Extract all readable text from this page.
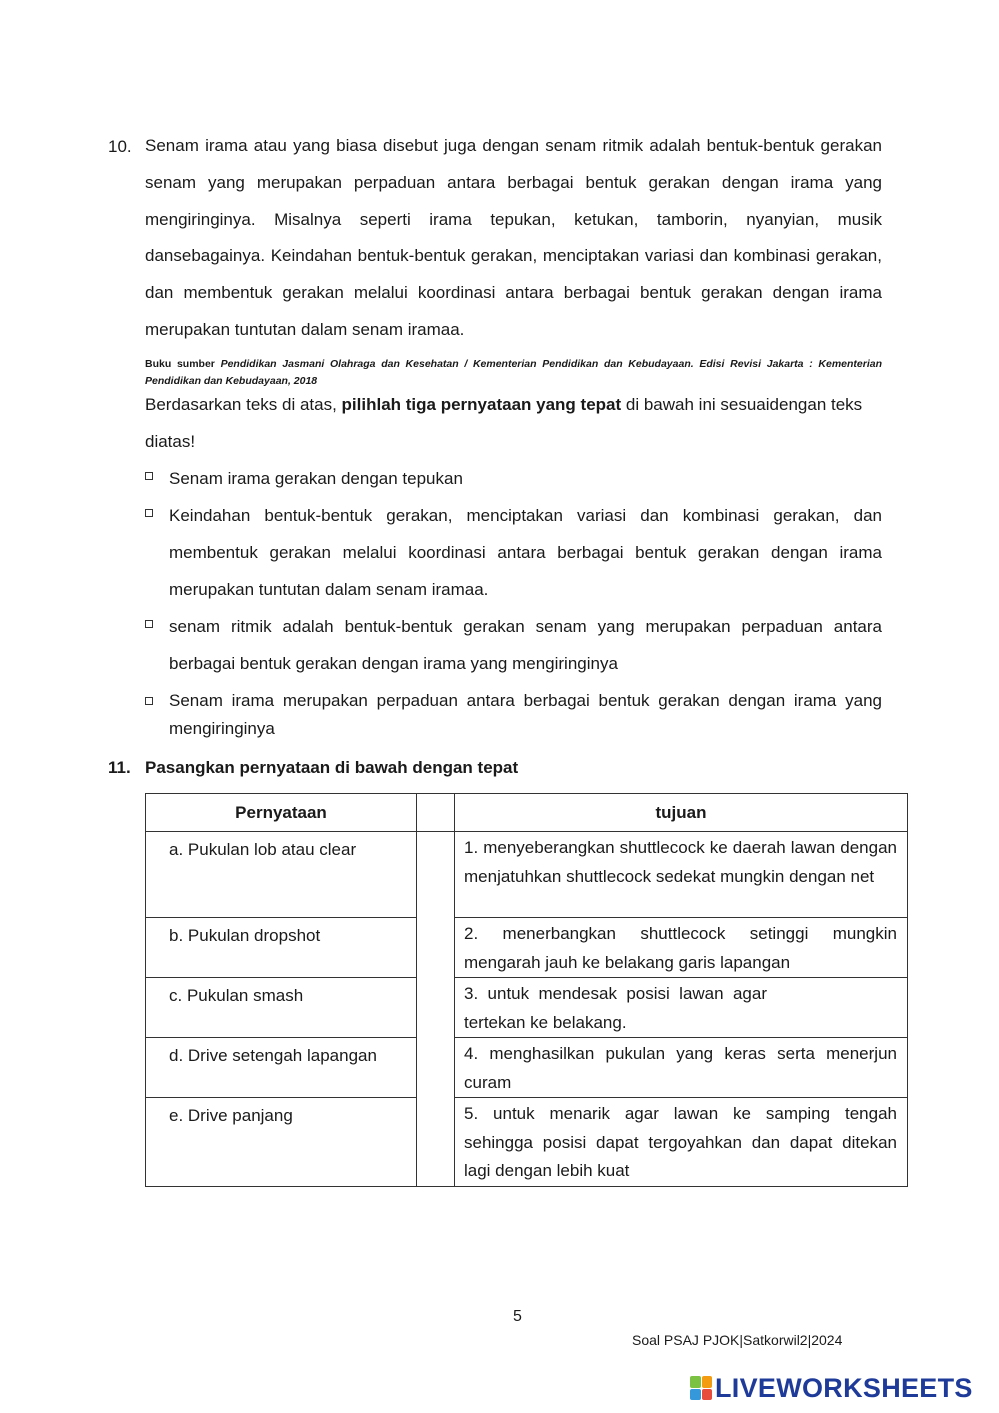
10. Senam irama atau yang biasa disebut juga dengan senam ritmik adalah bentuk-bentuk gerakan senam yang merupakan perpaduan antara berbagai bentuk gerakan dengan irama yang mengiringinya. Misalnya seperti irama tepukan, ketukan, tamborin, nyanyian, musik dansebagainya. Keindahan bentuk-bentuk gerakan, menciptakan variasi dan kombinasi gerakan, dan membentuk gerakan melalui koordinasi antara berbagai bentuk gerakan dengan irama merupakan tuntutan dalam senam iramaa.

Buku sumber Pendidikan Jasmani Olahraga dan Kesehatan / Kementerian Pendidikan dan Kebudayaan. Edisi Revisi Jakarta : Kementerian Pendidikan dan Kebudayaan, 2018
Berdasarkan teks di atas, pilihlah tiga pernyataan yang tepat di bawah ini sesuaidengan teks diatas!
Senam irama gerakan dengan tepukan
Keindahan bentuk-bentuk gerakan, menciptakan variasi dan kombinasi gerakan, dan membentuk gerakan melalui koordinasi antara berbagai bentuk gerakan dengan irama merupakan tuntutan dalam senam iramaa.
senam ritmik adalah bentuk-bentuk gerakan senam yang merupakan perpaduan antara berbagai bentuk gerakan dengan irama yang mengiringinya
Senam irama merupakan perpaduan antara berbagai bentuk gerakan dengan irama yang mengiringinya
11. Pasangkan pernyataan di bawah dengan tepat
Pernyataan		tujuan
a. Pukulan lob atau clear		1. menyeberangkan shuttlecock ke daerah lawan dengan menjatuhkan shuttlecock sedekat mungkin dengan net
b. Pukulan dropshot		2. menerbangkan shuttlecock setinggi mungkin mengarah jauh ke belakang garis lapangan
c. Pukulan smash		3. untuk mendesak posisi lawan agar tertekan ke belakang.

d. Drive setengah lapangan		4. menghasilkan pukulan yang keras serta menerjun curam
e. Drive panjang		5. untuk menarik agar lawan ke samping tengah sehingga posisi dapat tergoyahkan dan dapat ditekan lagi dengan lebih kuat
5
Soal PSAJ PJOK|Satkorwil2|2024
LIVEWORKSHEETS
